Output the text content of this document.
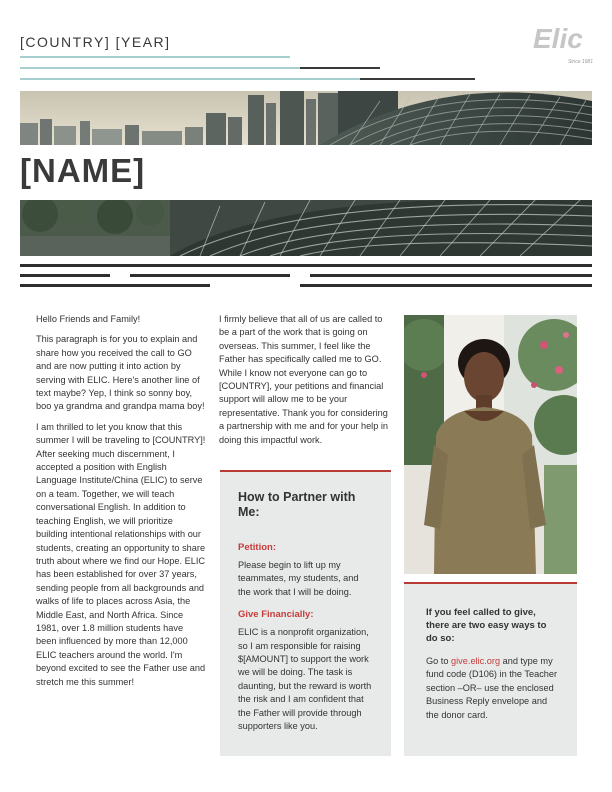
[COUNTRY] [YEAR]	Elic
Since 1981
[NAME]

Hello Friends and Family!

This paragraph is for you to explain and share how you received the call to GO and are now putting it into action by serving with ELIC. Here's another line of text maybe? Yep, I think so sonny boy, boo ya grandma and grandpa mama boy!

I am thrilled to let you know that this summer I will be traveling to [COUNTRY]! After seeking much discernment, I accepted a position with English Language Institute/China (ELIC) to serve on a team. Together, we will teach conversational English. In addition to teaching English, we will prioritize building intentional relationships with our students, creating an opportunity to share truth about where we find our Hope. ELIC has been established for over 37 years, sending people from all backgrounds and walks of life to places across Asia, the Middle East, and North Africa. Since 1981, over 1.8 million students have been influenced by more than 12,000 ELIC teachers around the world. I'm beyond excited to see the Father use and stretch me this summer!

I firmly believe that all of us are called to be a part of the work that is going on overseas. This summer, I feel like the Father has specifically called me to GO. While I know not everyone can go to [COUNTRY], your petitions and financial support will allow me to be your representative. Thank you for considering a partnership with me and for your help in doing this impactful work.

How to Partner with Me:
Petition:

Please begin to lift up my teammates, my students, and the work that I will be doing.

Give Financially:

ELIC is a nonprofit organization, so I am responsible for raising $[AMOUNT] to support the work we will be doing. The task is daunting, but the reward is worth the risk and I am confident that the Father will provide through supporters like you.

If you feel called to give, there are two easy ways to do so:

Go to give.elic.org and type my fund code (D106) in the Teacher section –OR– use the enclosed Business Reply envelope and the donor card.
